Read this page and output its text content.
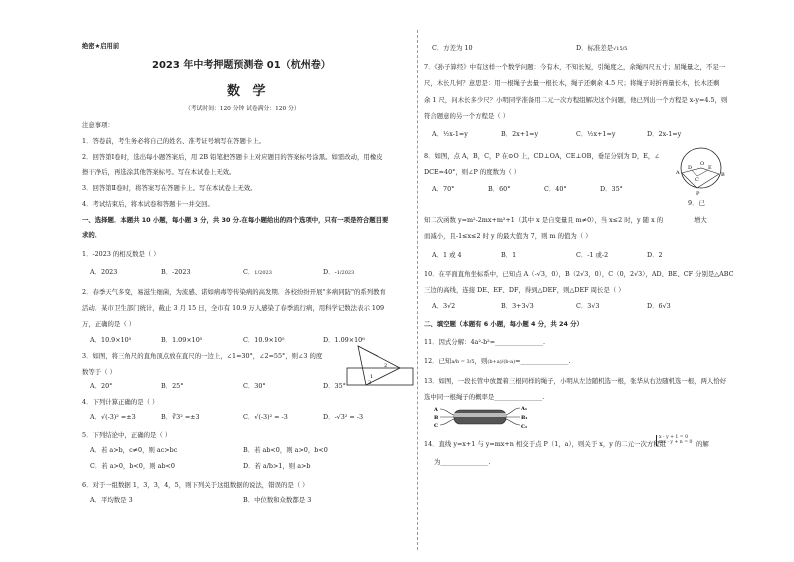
绝密★启用前
2023 年中考押题预测卷 01（杭州卷）
数 学
（考试时间：120 分钟 试卷满分：120 分）
注意事项：
1．答卷前，考生务必将自己的姓名、准考证号填写在答题卡上。
2．回答第Ⅰ卷时，选出每小题答案后，用 2B 铅笔把答题卡上对应题目的答案标号涂黑。如需改动，用橡皮
擦干净后，再选涂其他答案标号。写在本试卷上无效。
3．回答第Ⅱ卷时，将答案写在答题卡上。写在本试卷上无效。
4．考试结束后，将本试卷和答题卡一并交回。
一、选择题．本题共 10 小题，每小题 3 分，共 30 分.在每小题给出的四个选项中，只有一项是符合题目要
求的．
1．-2023 的相反数是（ ）
A．2023	B．-2023	C．1/2023	D．-1/2023
2．春季天气多变，易滋生细菌，为流感、诺如病毒等传染病的高发期．各校纷纷开展"多病同防"的系列教育
活动．某市卫生部门统计，截止 3 月 15 日，全市有 10.9 万人感染了春季流行病，用科学记数法表示 109
万，正确的是（ ）
A．10.9×10⁵	B．1.09×10⁵	C．10.9×10⁵	D．1.09×10⁶
3．如图，将三角尺的直角顶点放在直尺的一边上，∠1=30°，∠2=55°，则∠3 的度
数等于（ ）
A．20°	B．25°	C．30°	D．35°
1
2
3
4．下列计算正确的是（ ）
A．√(-3)² =±3	B．∛3² =±3	C．√(-3)² = -3	D．-√3² = -3
5．下列结论中，正确的是（ ）
A．若 a>b，c≠0，则 ac>bc	B．若 ab<0，则 a>0，b<0
C．若 a>0，b<0，则 ab<0	D．若 a/b>1，则 a>b
6．对于一组数据 1，3，3，4，5，则下列关于这组数据的说法，错误的是（ ）
A．平均数是 3	B．中位数和众数都是 3
C．方差为 10	D．标准差是√15/5
7．《孙子算经》中有这样一个数学问题：今有木，不知长短，引绳度之，余绳四尺五寸；屈绳量之，不足一
尺，木长几何？意思是：用一根绳子去量一根长木，绳子还剩余 4.5 尺；将绳子对折再量长木，长木还剩
余 1 尺，问木长多少尺？小明同学准备用二元一次方程组解决这个问题，他已列出一个方程是 x-y=4.5，则
符合题意的另一个方程是（ ）
A．½x-1=y	B．2x+1=y	C．½x+1=y	D．2x-1=y
8．如图，点 A，B，C，P 在⊙O 上，CD⊥OA，CE⊥OB，垂足分别为 D，E，∠
DCE=40°，则∠P 的度数为（ ）
A．70°	B．60°	C．40°	D．35°
A	B
C
D	E
O
P
9．已
知二次函数 y=m²-2mx+m²+1（其中 x 是自变量且 m≠0），当 x≤2 时，y 随 x 的	增大
而减小，且-1≤x≤2 时 y 的最大值为 7，则 m 的值为（ ）
A．1 或 4	B．1	C．-1 或-2	D．2
10．在平面直角坐标系中，已知点 A（-√3，0），B（2√3，0），C（0，2√3），AD、BE、CF 分别是△ABC
三边的高线，连接 DE、EF、DF，得到△DEF，则△DEF 周长是（ ）
A．3√2	B．3+3√3	C．3√3	D．6√3
二、填空题（本题有 6 小题，每小题 4 分，共 24 分）
11．因式分解：4a²-b²=_______________.
12．已知a/b = 3/5，则(b+a)/(b-a)=_______________.
13．如图，一段长管中放置着三根同样的绳子，小明从左边随机选一根，张华从右边随机选一根，两人恰好
选中同一根绳子的概率是_______________.
A
B
C
A₁
B₁
C₁
14．直线 y=x+1 与 y=mx+n 相交于点 P（1，a），则关于 x，y 的二元一次方程组
x - y + 1 = 0
mx - y + n = 0 的解
为_______________.
